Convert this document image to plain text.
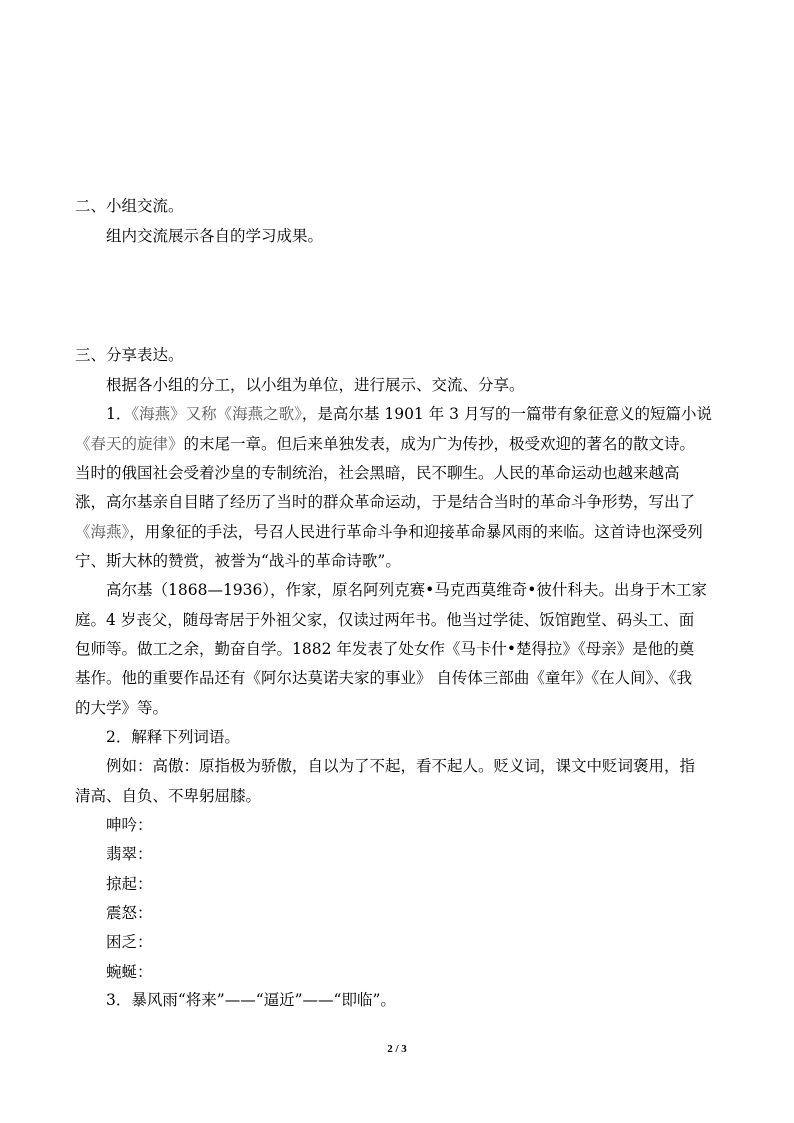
二、小组交流。
组内交流展示各自的学习成果。
三、分享表达。
根据各小组的分工，以小组为单位，进行展示、交流、分享。
1．《海燕》又称《海燕之歌》，是高尔基 1901 年 3 月写的一篇带有象征意义的短篇小说
《春天的旋律》的末尾一章。但后来单独发表，成为广为传抄，极受欢迎的著名的散文诗。
当时的俄国社会受着沙皇的专制统治，社会黑暗，民不聊生。人民的革命运动也越来越高
涨，高尔基亲自目睹了经历了当时的群众革命运动，于是结合当时的革命斗争形势，写出了
《海燕》，用象征的手法，号召人民进行革命斗争和迎接革命暴风雨的来临。这首诗也深受列
宁、斯大林的赞赏，被誉为“战斗的革命诗歌”。
高尔基（1868—1936），作家，原名阿列克赛•马克西莫维奇•彼什科夫。出身于木工家
庭。4 岁丧父，随母寄居于外祖父家，仅读过两年书。他当过学徒、饭馆跑堂、码头工、面
包师等。做工之余，勤奋自学。1882 年发表了处女作《马卡什•楚得拉》《母亲》是他的奠
基作。他的重要作品还有《阿尔达莫诺夫家的事业》 自传体三部曲《童年》《在人间》、《我
的大学》等。
2．解释下列词语。
例如：高傲：原指极为骄傲，自以为了不起，看不起人。贬义词，课文中贬词褒用，指
清高、自负、不卑躬屈膝。
呻吟：
翡翠：
掠起：
震怒：
困乏：
蜿蜒：
3．暴风雨“将来”——“逼近”——“即临”。
2 / 3
